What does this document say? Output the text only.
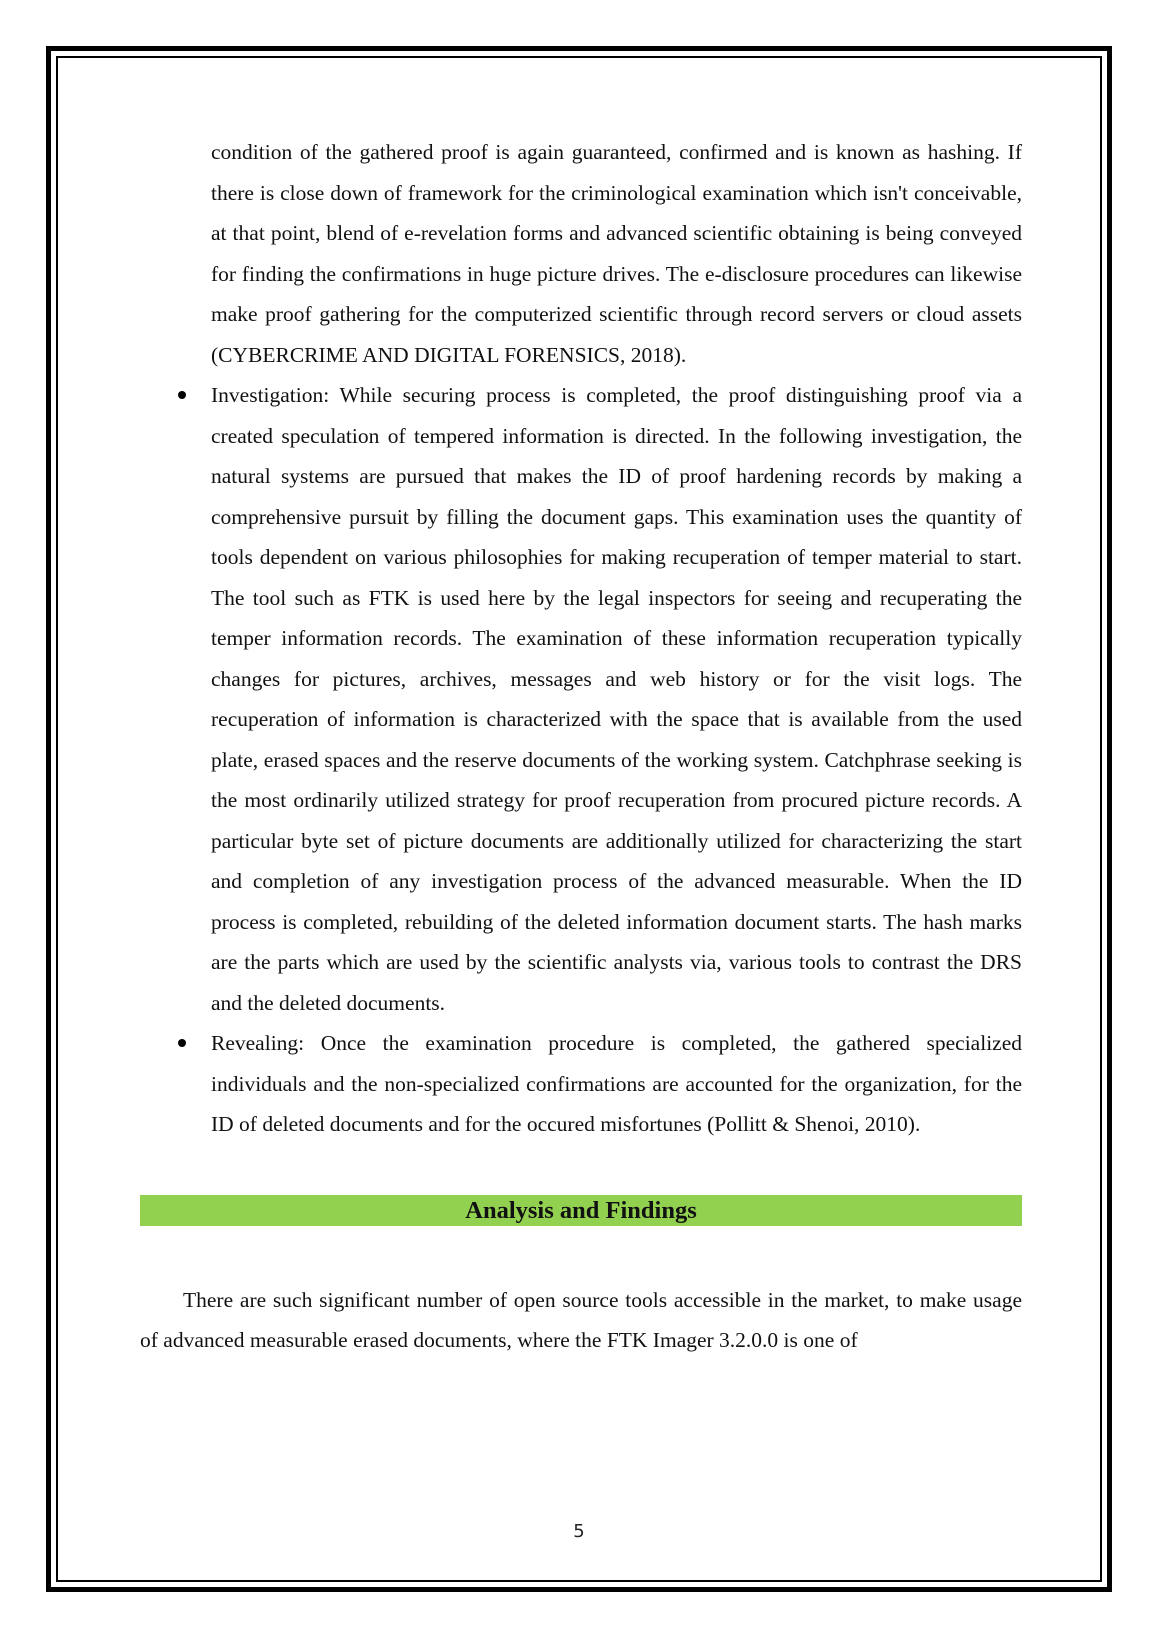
condition of the gathered proof is again guaranteed, confirmed and is known as hashing. If there is close down of framework for the criminological examination which isn't conceivable, at that point, blend of e-revelation forms and advanced scientific obtaining is being conveyed for finding the confirmations in huge picture drives. The e-disclosure procedures can likewise make proof gathering for the computerized scientific through record servers or cloud assets (CYBERCRIME AND DIGITAL FORENSICS, 2018).

Investigation: While securing process is completed, the proof distinguishing proof via a created speculation of tempered information is directed. In the following investigation, the natural systems are pursued that makes the ID of proof hardening records by making a comprehensive pursuit by filling the document gaps. This examination uses the quantity of tools dependent on various philosophies for making recuperation of temper material to start. The tool such as FTK is used here by the legal inspectors for seeing and recuperating the temper information records. The examination of these information recuperation typically changes for pictures, archives, messages and web history or for the visit logs. The recuperation of information is characterized with the space that is available from the used plate, erased spaces and the reserve documents of the working system. Catchphrase seeking is the most ordinarily utilized strategy for proof recuperation from procured picture records. A particular byte set of picture documents are additionally utilized for characterizing the start and completion of any investigation process of the advanced measurable. When the ID process is completed, rebuilding of the deleted information document starts. The hash marks are the parts which are used by the scientific analysts via, various tools to contrast the DRS and the deleted documents.

Revealing: Once the examination procedure is completed, the gathered specialized individuals and the non-specialized confirmations are accounted for the organization, for the ID of deleted documents and for the occured misfortunes (Pollitt & Shenoi, 2010).

Analysis and Findings

There are such significant number of open source tools accessible in the market, to make usage of advanced measurable erased documents, where the FTK Imager 3.2.0.0 is one of

5
